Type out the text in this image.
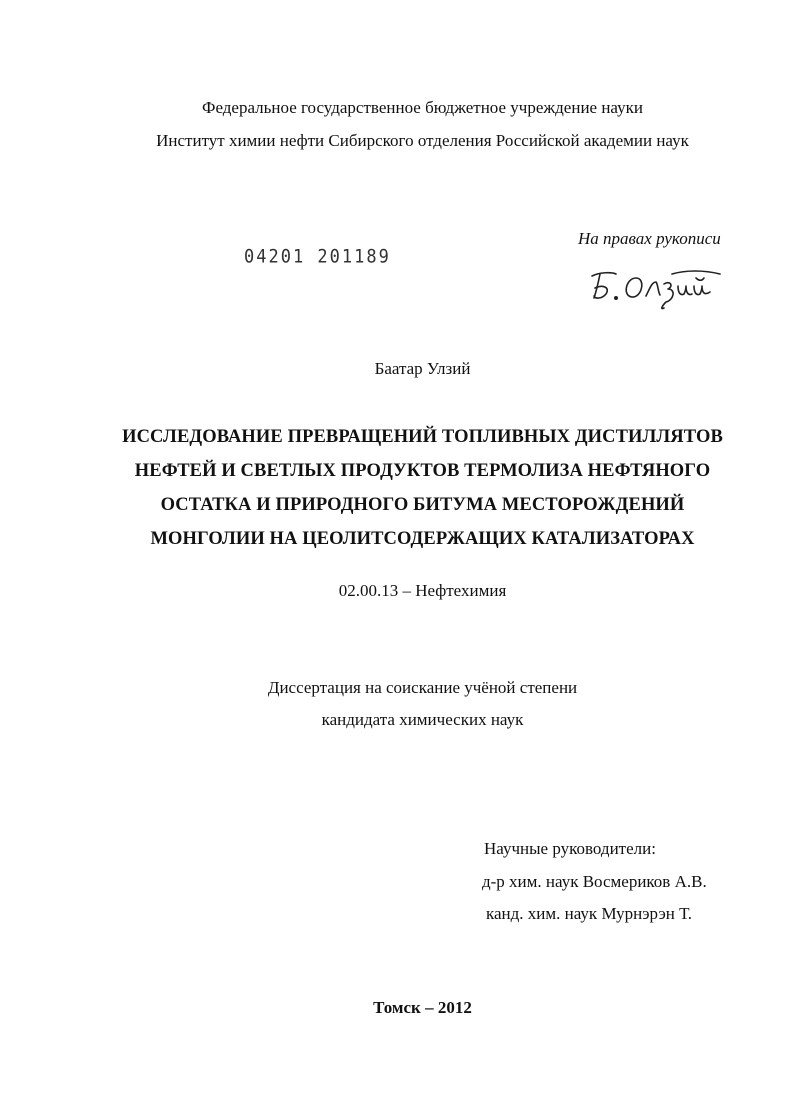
Федеральное государственное бюджетное учреждение науки
Институт химии нефти Сибирского отделения Российской академии наук
04201 201189
На правах рукописи
Баатар Улзий
ИССЛЕДОВАНИЕ ПРЕВРАЩЕНИЙ ТОПЛИВНЫХ ДИСТИЛЛЯТОВ
НЕФТЕЙ И СВЕТЛЫХ ПРОДУКТОВ ТЕРМОЛИЗА НЕФТЯНОГО
ОСТАТКА И ПРИРОДНОГО БИТУМА МЕСТОРОЖДЕНИЙ
МОНГОЛИИ НА ЦЕОЛИТСОДЕРЖАЩИХ КАТАЛИЗАТОРАХ
02.00.13 – Нефтехимия
Диссертация на соискание учёной степени
кандидата химических наук
Научные руководители:
д-р хим. наук Восмериков А.В.
канд. хим. наук Мурнэрэн Т.
Томск – 2012
